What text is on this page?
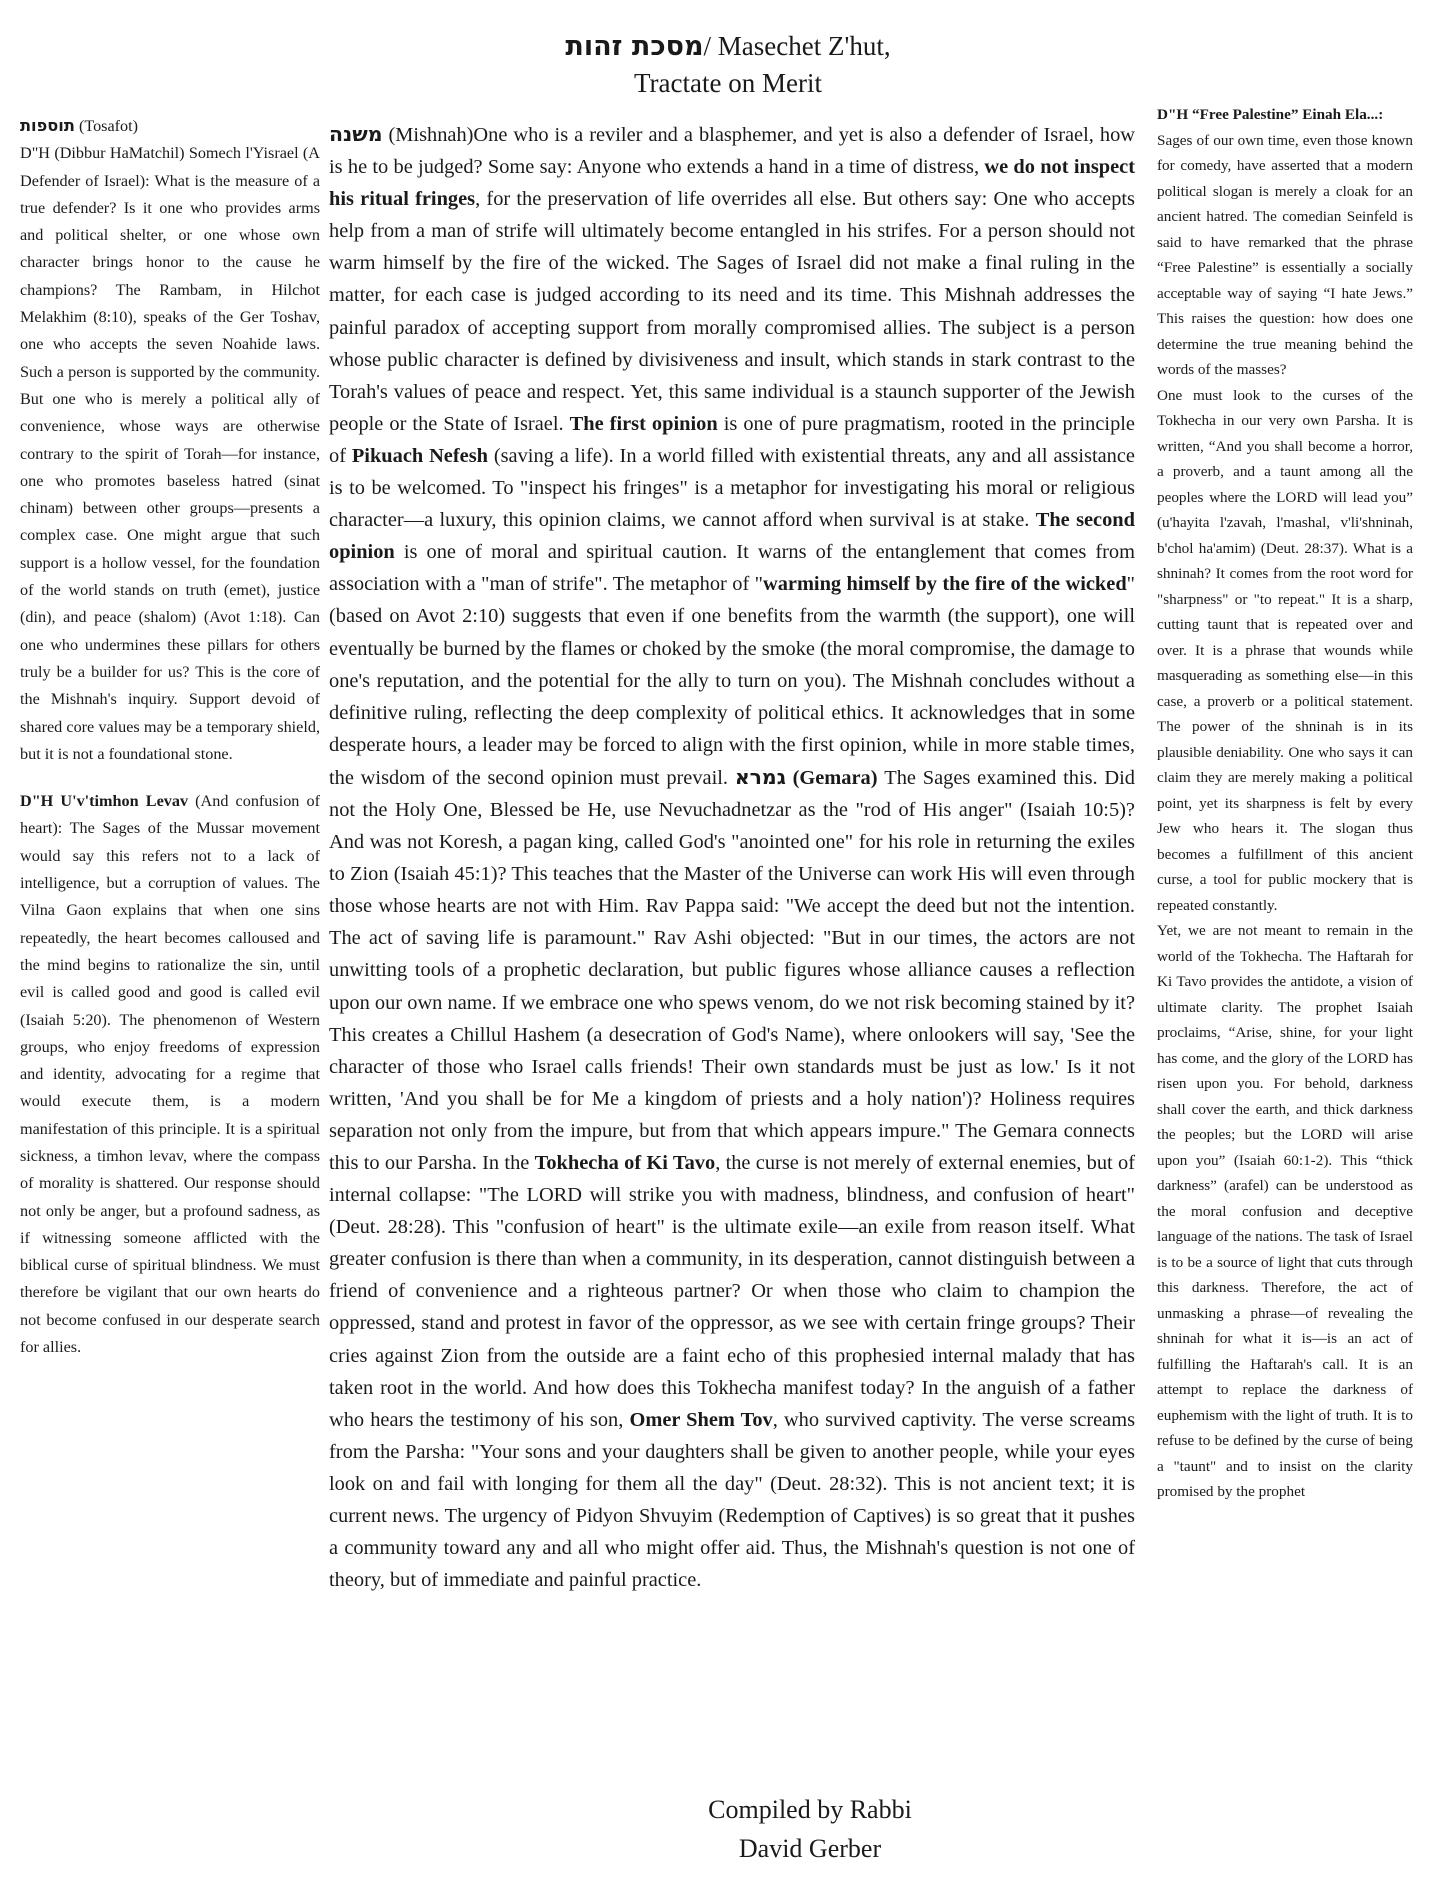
מסכת זהות/ Masechet Z'hut,
Tractate on Merit

תוספות (Tosafot)

D"H (Dibbur HaMatchil) Somech l'Yisrael (A Defender of Israel): What is the measure of a true defender? Is it one who provides arms and political shelter, or one whose own character brings honor to the cause he champions? The Rambam, in Hilchot Melakhim (8:10), speaks of the Ger Toshav, one who accepts the seven Noahide laws. Such a person is supported by the community. But one who is merely a political ally of convenience, whose ways are otherwise contrary to the spirit of Torah—for instance, one who promotes baseless hatred (sinat chinam) between other groups—presents a complex case. One might argue that such support is a hollow vessel, for the foundation of the world stands on truth (emet), justice (din), and peace (shalom) (Avot 1:18). Can one who undermines these pillars for others truly be a builder for us? This is the core of the Mishnah's inquiry. Support devoid of shared core values may be a temporary shield, but it is not a foundational stone.

D"H U'v'timhon Levav (And confusion of heart): The Sages of the Mussar movement would say this refers not to a lack of intelligence, but a corruption of values. The Vilna Gaon explains that when one sins repeatedly, the heart becomes calloused and the mind begins to rationalize the sin, until evil is called good and good is called evil (Isaiah 5:20). The phenomenon of Western groups, who enjoy freedoms of expression and identity, advocating for a regime that would execute them, is a modern manifestation of this principle. It is a spiritual sickness, a timhon levav, where the compass of morality is shattered. Our response should not only be anger, but a profound sadness, as if witnessing someone afflicted with the biblical curse of spiritual blindness. We must therefore be vigilant that our own hearts do not become confused in our desperate search for allies.

משנה (Mishnah)One who is a reviler and a blasphemer, and yet is also a defender of Israel, how is he to be judged? Some say: Anyone who extends a hand in a time of distress, we do not inspect his ritual fringes, for the preservation of life overrides all else. But others say: One who accepts help from a man of strife will ultimately become entangled in his strifes. For a person should not warm himself by the fire of the wicked. The Sages of Israel did not make a final ruling in the matter, for each case is judged according to its need and its time. This Mishnah addresses the painful paradox of accepting support from morally compromised allies. The subject is a person whose public character is defined by divisiveness and insult, which stands in stark contrast to the Torah's values of peace and respect. Yet, this same individual is a staunch supporter of the Jewish people or the State of Israel. The first opinion is one of pure pragmatism, rooted in the principle of Pikuach Nefesh (saving a life). In a world filled with existential threats, any and all assistance is to be welcomed. To "inspect his fringes" is a metaphor for investigating his moral or religious character—a luxury, this opinion claims, we cannot afford when survival is at stake. The second opinion is one of moral and spiritual caution. It warns of the entanglement that comes from association with a "man of strife". The metaphor of "warming himself by the fire of the wicked" (based on Avot 2:10) suggests that even if one benefits from the warmth (the support), one will eventually be burned by the flames or choked by the smoke (the moral compromise, the damage to one's reputation, and the potential for the ally to turn on you). The Mishnah concludes without a definitive ruling, reflecting the deep complexity of political ethics. It acknowledges that in some desperate hours, a leader may be forced to align with the first opinion, while in more stable times, the wisdom of the second opinion must prevail. גמרא (Gemara) The Sages examined this. Did not the Holy One, Blessed be He, use Nevuchadnetzar as the "rod of His anger" (Isaiah 10:5)? And was not Koresh, a pagan king, called God's "anointed one" for his role in returning the exiles to Zion (Isaiah 45:1)? This teaches that the Master of the Universe can work His will even through those whose hearts are not with Him. Rav Pappa said: "We accept the deed but not the intention. The act of saving life is paramount." Rav Ashi objected: "But in our times, the actors are not unwitting tools of a prophetic declaration, but public figures whose alliance causes a reflection upon our own name. If we embrace one who spews venom, do we not risk becoming stained by it? This creates a Chillul Hashem (a desecration of God's Name), where onlookers will say, 'See the character of those who Israel calls friends! Their own standards must be just as low.' Is it not written, 'And you shall be for Me a kingdom of priests and a holy nation')? Holiness requires separation not only from the impure, but from that which appears impure." The Gemara connects this to our Parsha. In the Tokhecha of Ki Tavo, the curse is not merely of external enemies, but of internal collapse: "The LORD will strike you with madness, blindness, and confusion of heart" (Deut. 28:28). This "confusion of heart" is the ultimate exile—an exile from reason itself. What greater confusion is there than when a community, in its desperation, cannot distinguish between a friend of convenience and a righteous partner? Or when those who claim to champion the oppressed, stand and protest in favor of the oppressor, as we see with certain fringe groups? Their cries against Zion from the outside are a faint echo of this prophesied internal malady that has taken root in the world. And how does this Tokhecha manifest today? In the anguish of a father who hears the testimony of his son, Omer Shem Tov, who survived captivity. The verse screams from the Parsha: "Your sons and your daughters shall be given to another people, while your eyes look on and fail with longing for them all the day" (Deut. 28:32). This is not ancient text; it is current news. The urgency of Pidyon Shvuyim (Redemption of Captives) is so great that it pushes a community toward any and all who might offer aid. Thus, the Mishnah's question is not one of theory, but of immediate and painful practice.

D"H “Free Palestine” Einah Ela...:

Sages of our own time, even those known for comedy, have asserted that a modern political slogan is merely a cloak for an ancient hatred. The comedian Seinfeld is said to have remarked that the phrase “Free Palestine” is essentially a socially acceptable way of saying “I hate Jews.” This raises the question: how does one determine the true meaning behind the words of the masses?

One must look to the curses of the Tokhecha in our very own Parsha. It is written, “And you shall become a horror, a proverb, and a taunt among all the peoples where the LORD will lead you” (u'hayita l'zavah, l'mashal, v'li'shninah, b'chol ha'amim) (Deut. 28:37). What is a shninah? It comes from the root word for "sharpness" or "to repeat." It is a sharp, cutting taunt that is repeated over and over. It is a phrase that wounds while masquerading as something else—in this case, a proverb or a political statement. The power of the shninah is in its plausible deniability. One who says it can claim they are merely making a political point, yet its sharpness is felt by every Jew who hears it. The slogan thus becomes a fulfillment of this ancient curse, a tool for public mockery that is repeated constantly.

Yet, we are not meant to remain in the world of the Tokhecha. The Haftarah for Ki Tavo provides the antidote, a vision of ultimate clarity. The prophet Isaiah proclaims, “Arise, shine, for your light has come, and the glory of the LORD has risen upon you. For behold, darkness shall cover the earth, and thick darkness the peoples; but the LORD will arise upon you” (Isaiah 60:1-2). This “thick darkness” (arafel) can be understood as the moral confusion and deceptive language of the nations. The task of Israel is to be a source of light that cuts through this darkness. Therefore, the act of unmasking a phrase—of revealing the shninah for what it is—is an act of fulfilling the Haftarah's call. It is an attempt to replace the darkness of euphemism with the light of truth. It is to refuse to be defined by the curse of being a "taunt" and to insist on the clarity promised by the prophet

Compiled by Rabbi
David Gerber
